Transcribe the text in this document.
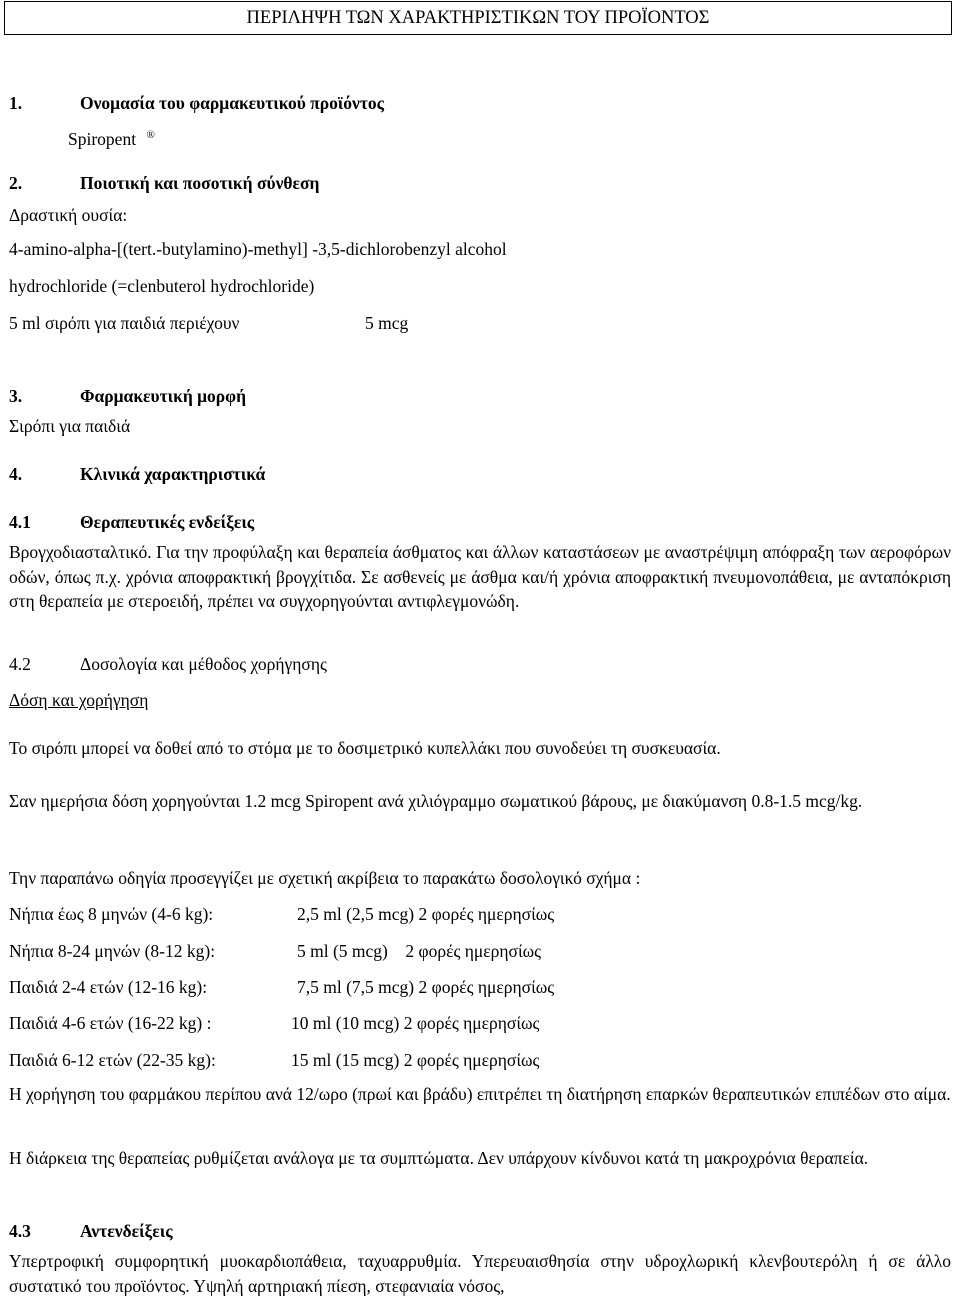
ΠΕΡΙΛΗΨΗ ΤΩΝ ΧΑΡΑΚΤΗΡΙΣΤΙΚΩΝ ΤΟΥ ΠΡΟΪΟΝΤΟΣ
1.	Ονομασία του φαρμακευτικού προϊόντος
Spiropent ®
2.	Ποιοτική και ποσοτική σύνθεση
Δραστική ουσία:
4-amino-alpha-[(tert.-butylamino)-methyl] -3,5-dichlorobenzyl alcohol
hydrochloride (=clenbuterol hydrochloride)
5 ml σιρόπι για παιδιά περιέχουν	5 mcg
3.	Φαρμακευτική μορφή
Σιρόπι για παιδιά
4.	Κλινικά χαρακτηριστικά
4.1	Θεραπευτικές ενδείξεις
Βρογχοδιασταλτικό. Για την προφύλαξη και θεραπεία άσθματος και άλλων καταστάσεων με αναστρέψιμη απόφραξη των αεροφόρων οδών, όπως π.χ. χρόνια αποφρακτική βρογχίτιδα. Σε ασθενείς με άσθμα και/ή χρόνια αποφρακτική πνευμονοπάθεια, με ανταπόκριση στη θεραπεία με στεροειδή, πρέπει να συγχορηγούνται αντιφλεγμονώδη.
4.2	Δοσολογία και μέθοδος χορήγησης
Δόση και χορήγηση
Το σιρόπι μπορεί να δοθεί από το στόμα με το δοσιμετρικό κυπελλάκι που συνοδεύει τη συσκευασία.
Σαν ημερήσια δόση χορηγούνται 1.2 mcg Spiropent ανά χιλιόγραμμο σωματικού βάρους, με διακύμανση 0.8-1.5 mcg/kg.
Την παραπάνω οδηγία προσεγγίζει με σχετική ακρίβεια το παρακάτω δοσολογικό σχήμα :
Νήπια έως 8 μηνών (4-6 kg):	2,5 ml (2,5 mcg) 2 φορές ημερησίως
Νήπια 8-24 μηνών (8-12 kg):	5 ml (5 mcg)    2 φορές ημερησίως
Παιδιά 2-4 ετών (12-16 kg):	7,5 ml (7,5 mcg) 2 φορές ημερησίως
Παιδιά 4-6 ετών (16-22 kg) :	10 ml (10 mcg) 2 φορές ημερησίως
Παιδιά 6-12 ετών (22-35 kg):	15 ml (15 mcg) 2 φορές ημερησίως
Η χορήγηση του φαρμάκου περίπου ανά 12/ωρο (πρωί και βράδυ) επιτρέπει τη διατήρηση επαρκών θεραπευτικών επιπέδων στο αίμα.
Η διάρκεια της θεραπείας ρυθμίζεται ανάλογα με τα συμπτώματα. Δεν υπάρχουν κίνδυνοι κατά τη μακροχρόνια θεραπεία.
4.3	Αντενδείξεις
Υπερτροφική συμφορητική μυοκαρδιοπάθεια, ταχυαρρυθμία. Υπερευαισθησία στην υδροχλωρική κλενβουτερόλη ή σε άλλο συστατικό του προϊόντος. Υψηλή αρτηριακή πίεση, στεφανιαία νόσος,
